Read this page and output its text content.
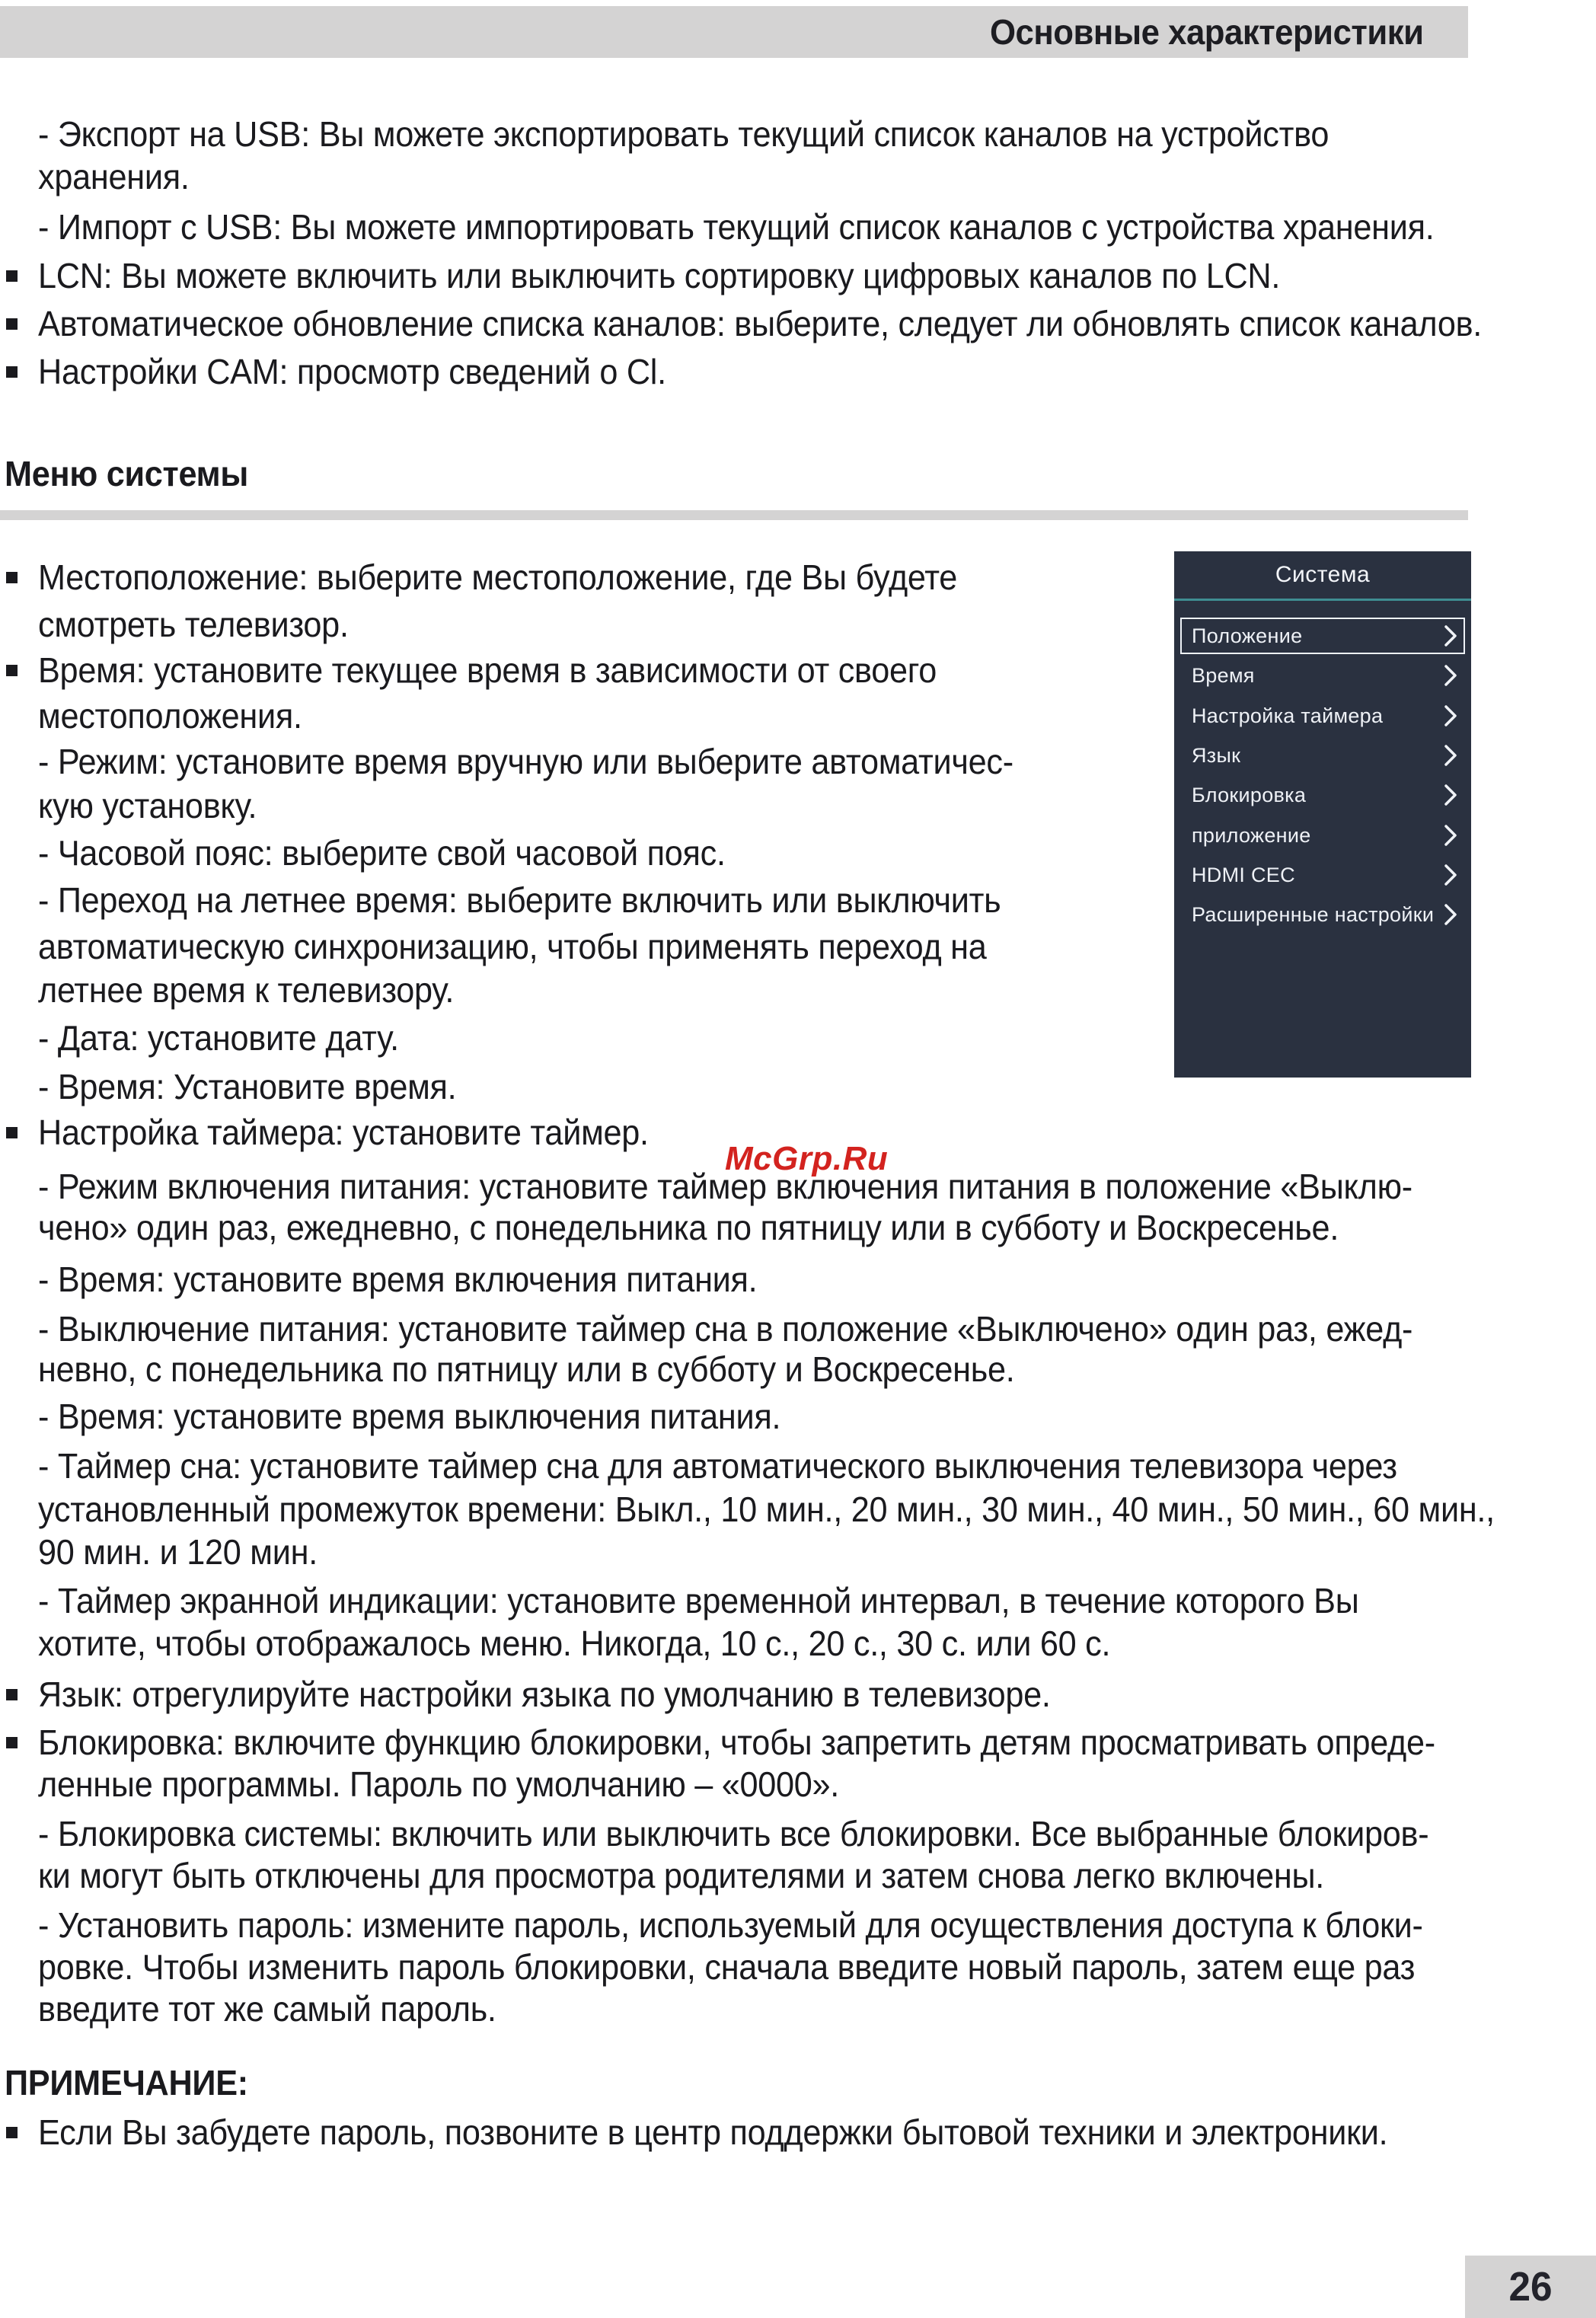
Основные характеристики
- Экспорт на USB: Вы можете экспортировать текущий список каналов на устройство
хранения.
- Импорт с USB: Вы можете импортировать текущий список каналов с устройства хранения.
LCN: Вы можете включить или выключить сортировку цифровых каналов по LCN.
Автоматическое обновление списка каналов: выберите, следует ли обновлять список каналов.
Настройки CAM: просмотр сведений о Cl.
Меню системы
Местоположение: выберите местоположение, где Вы будете
смотреть телевизор.
Время: установите текущее время в зависимости от своего
местоположения.
- Режим: установите время вручную или выберите автоматичес-
кую установку.
- Часовой пояс: выберите свой часовой пояс.
- Переход на летнее время: выберите включить или выключить
автоматическую синхронизацию, чтобы применять переход на
летнее время к телевизору.
- Дата: установите дату.
- Время: Установите время.
Настройка таймера: установите таймер.
- Режим включения питания: установите таймер включения питания в положение «Выклю-
чено» один раз, ежедневно, с понедельника по пятницу или в субботу и Воскресенье.
- Время: установите время включения питания.
- Выключение питания: установите таймер сна в положение «Выключено» один раз, ежед-
невно, с понедельника по пятницу или в субботу и Воскресенье.
- Время: установите время выключения питания.
- Таймер сна: установите таймер сна для автоматического выключения телевизора через
установленный промежуток времени: Выкл., 10 мин., 20 мин., 30 мин., 40 мин., 50 мин., 60 мин.,
90 мин. и 120 мин.
- Таймер экранной индикации: установите временной интервал, в течение которого Вы
хотите, чтобы отображалось меню. Никогда, 10 с., 20 с., 30 с. или 60 с.
Язык: отрегулируйте настройки языка по умолчанию в телевизоре.
Блокировка: включите функцию блокировки, чтобы запретить детям просматривать опреде-
ленные программы. Пароль по умолчанию – «0000».
- Блокировка системы: включить или выключить все блокировки. Все выбранные блокиров-
ки могут быть отключены для просмотра родителями и затем снова легко включены.
- Установить пароль: измените пароль, используемый для осуществления доступа к блоки-
ровке. Чтобы изменить пароль блокировки, сначала введите новый пароль, затем еще раз
введите тот же самый пароль.
ПРИМЕЧАНИЕ:
Если Вы забудете пароль, позвоните в центр поддержки бытовой техники и электроники.
Система
Положение
Время
Настройка таймера
Язык
Блокировка
приложение
HDMI CEC
Расширенные настройки
McGrp.Ru
26
